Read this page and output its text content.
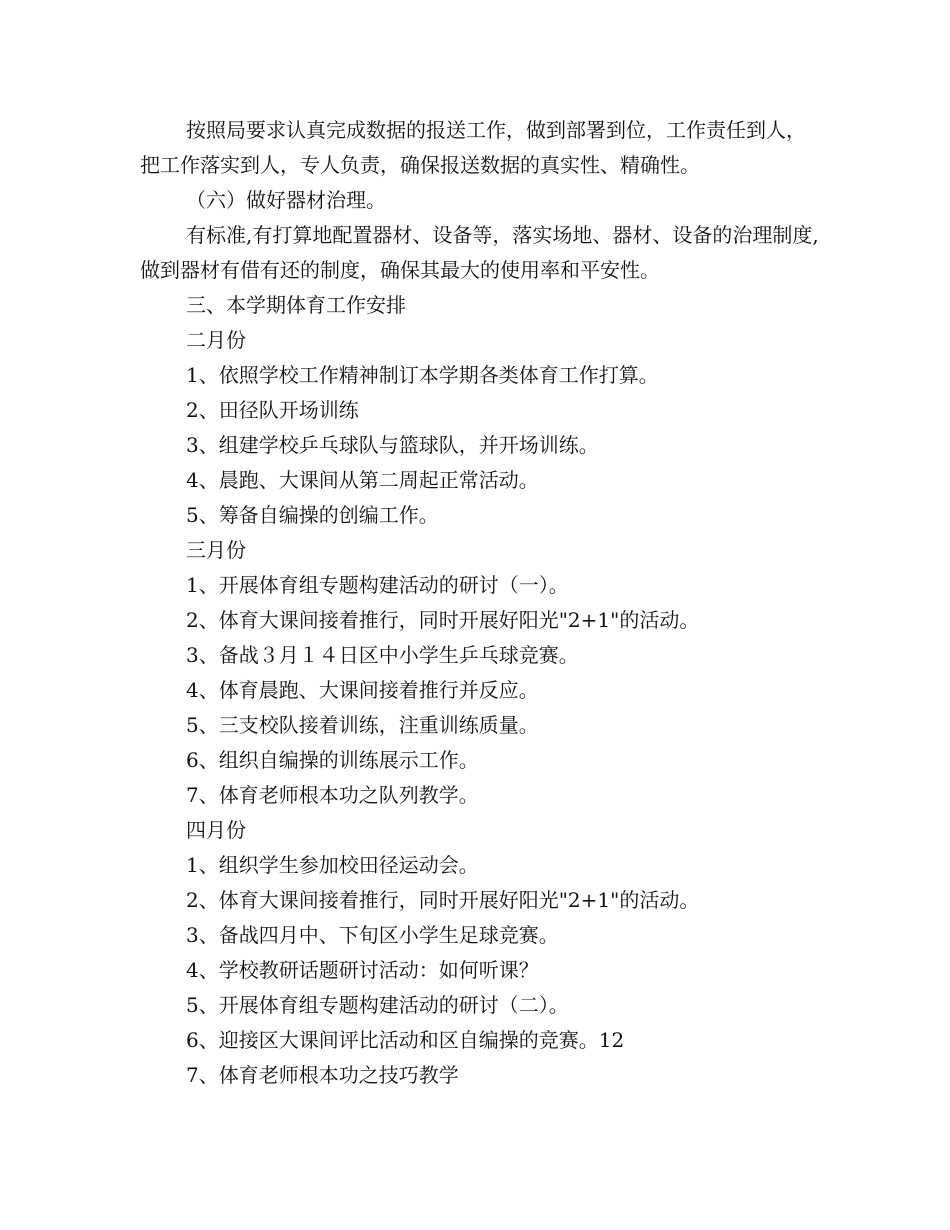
按照局要求认真完成数据的报送工作，做到部署到位，工作责任到人，把工作落实到人，专人负责，确保报送数据的真实性、精确性。

（六）做好器材治理。

有标准,有打算地配置器材、设备等，落实场地、器材、设备的治理制度,做到器材有借有还的制度，确保其最大的使用率和平安性。

三、本学期体育工作安排

二月份

1、依照学校工作精神制订本学期各类体育工作打算。

2、田径队开场训练

3、组建学校乒乓球队与篮球队，并开场训练。

4、晨跑、大课间从第二周起正常活动。

5、筹备自编操的创编工作。

三月份

1、开展体育组专题构建活动的研讨（一）。

2、体育大课间接着推行，同时开展好阳光"2+1"的活动。

3、备战３月１４日区中小学生乒乓球竞赛。

4、体育晨跑、大课间接着推行并反应。

5、三支校队接着训练，注重训练质量。

6、组织自编操的训练展示工作。

7、体育老师根本功之队列教学。

四月份

1、组织学生参加校田径运动会。

2、体育大课间接着推行，同时开展好阳光"2+1"的活动。

3、备战四月中、下旬区小学生足球竞赛。

4、学校教研话题研讨活动：如何听课？

5、开展体育组专题构建活动的研讨（二）。

6、迎接区大课间评比活动和区自编操的竞赛。12

7、体育老师根本功之技巧教学
